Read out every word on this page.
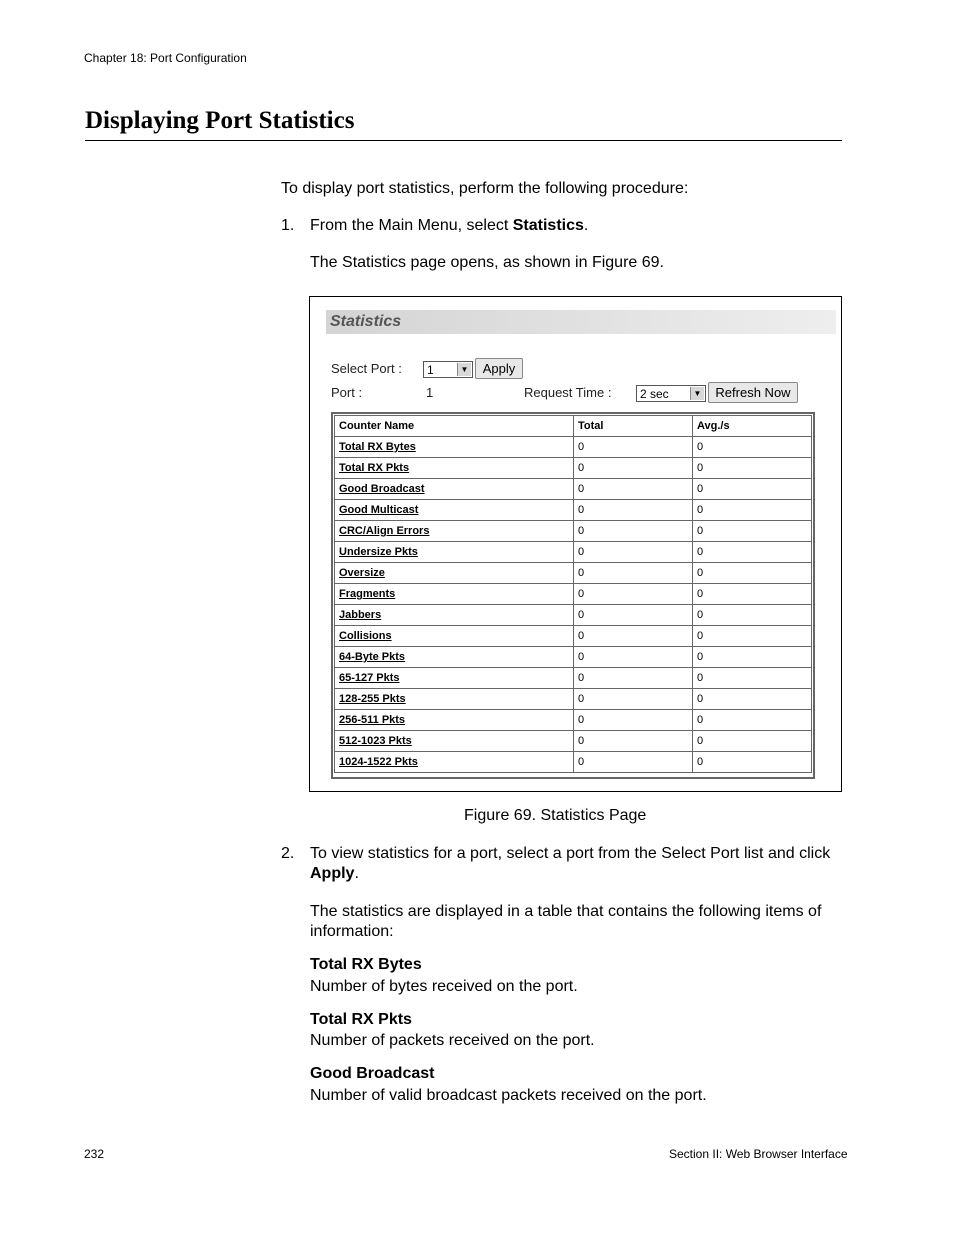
Chapter 18: Port Configuration
Displaying Port Statistics
To display port statistics, perform the following procedure:
1. From the Main Menu, select Statistics.
The Statistics page opens, as shown in Figure 69.
Statistics
Select Port : 1	▼	Apply
Port :	1	Request Time : 2 sec	▼	Refresh Now
Counter Name	Total	Avg./s
Total RX Bytes	0	0
Total RX Pkts	0	0
Good Broadcast	0	0
Good Multicast	0	0
CRC/Align Errors	0	0
Undersize Pkts	0	0
Oversize	0	0
Fragments	0	0
Jabbers	0	0
Collisions	0	0
64-Byte Pkts	0	0
65-127 Pkts	0	0
128-255 Pkts	0	0
256-511 Pkts	0	0
512-1023 Pkts	0	0
1024-1522 Pkts	0	0
Figure 69. Statistics Page
2. To view statistics for a port, select a port from the Select Port list and click Apply.
The statistics are displayed in a table that contains the following items of information:
Total RX Bytes
Number of bytes received on the port.
Total RX Pkts
Number of packets received on the port.
Good Broadcast
Number of valid broadcast packets received on the port.
232	Section II: Web Browser Interface
